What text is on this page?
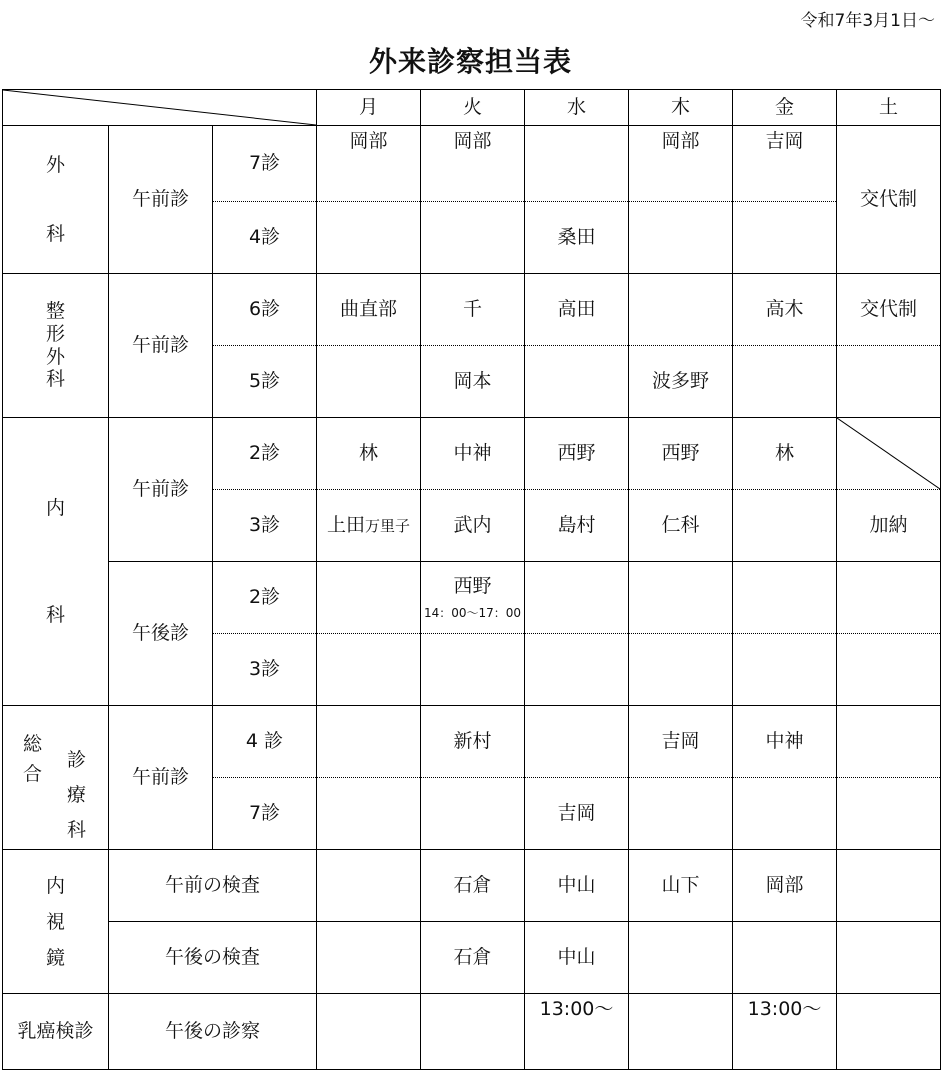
令和7年3月1日～
外来診察担当表
	月	火	水	木	金	土

外
科	午前診	7診	岡部	岡部		岡部	吉岡	交代制
		4診			桑田			

整
形
外
科	午前診	6診	曲直部	千	高田		高木	交代制
		5診		岡本		波多野		

内
科	午前診	2診	林	中神	西野	西野	林	

		3診	上田万里子	武内	島村	仁科		加納
	午後診	2診		西野
14：00～17：00				

		3診						

総
合
診
療
科	午前診	4 診		新村		吉岡	中神	
		7診			吉岡			

内
視
鏡	午前の検査			石倉	中山	山下	岡部	
	午後の検査			石倉	中山			
乳癌検診	午後の診察				13:00～		13:00～	
